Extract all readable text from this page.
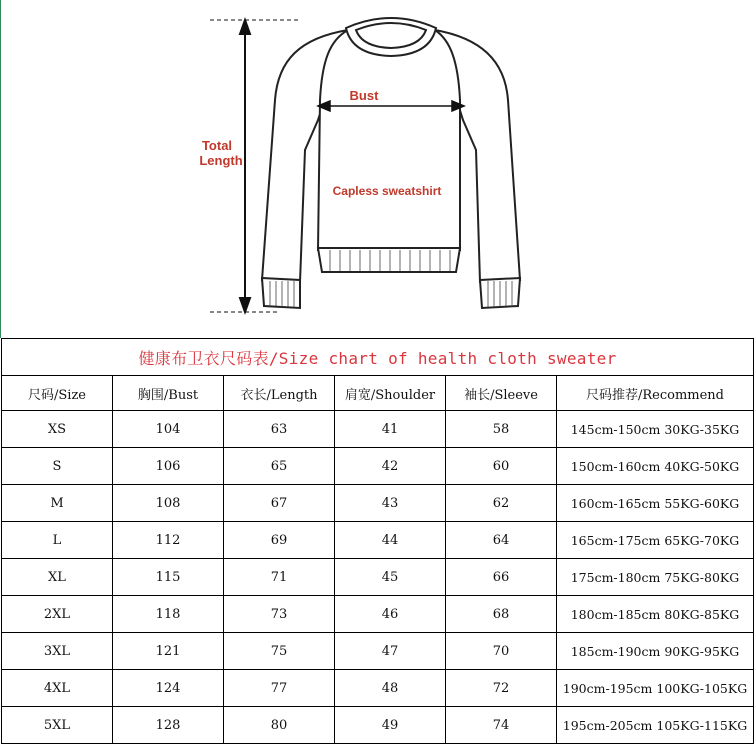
Total
Length
Bust
Capless sweatshirt
健康布卫衣尺码表/Size chart of health cloth sweater					
尺码/Size	胸围/Bust	衣长/Length	肩宽/Shoulder	袖长/Sleeve	尺码推荐/Recommend
XS	104	63	41	58	145cm-150cm 30KG-35KG
S	106	65	42	60	150cm-160cm 40KG-50KG
M	108	67	43	62	160cm-165cm 55KG-60KG
L	112	69	44	64	165cm-175cm 65KG-70KG
XL	115	71	45	66	175cm-180cm 75KG-80KG
2XL	118	73	46	68	180cm-185cm 80KG-85KG
3XL	121	75	47	70	185cm-190cm 90KG-95KG
4XL	124	77	48	72	190cm-195cm 100KG-105KG
5XL	128	80	49	74	195cm-205cm 105KG-115KG
